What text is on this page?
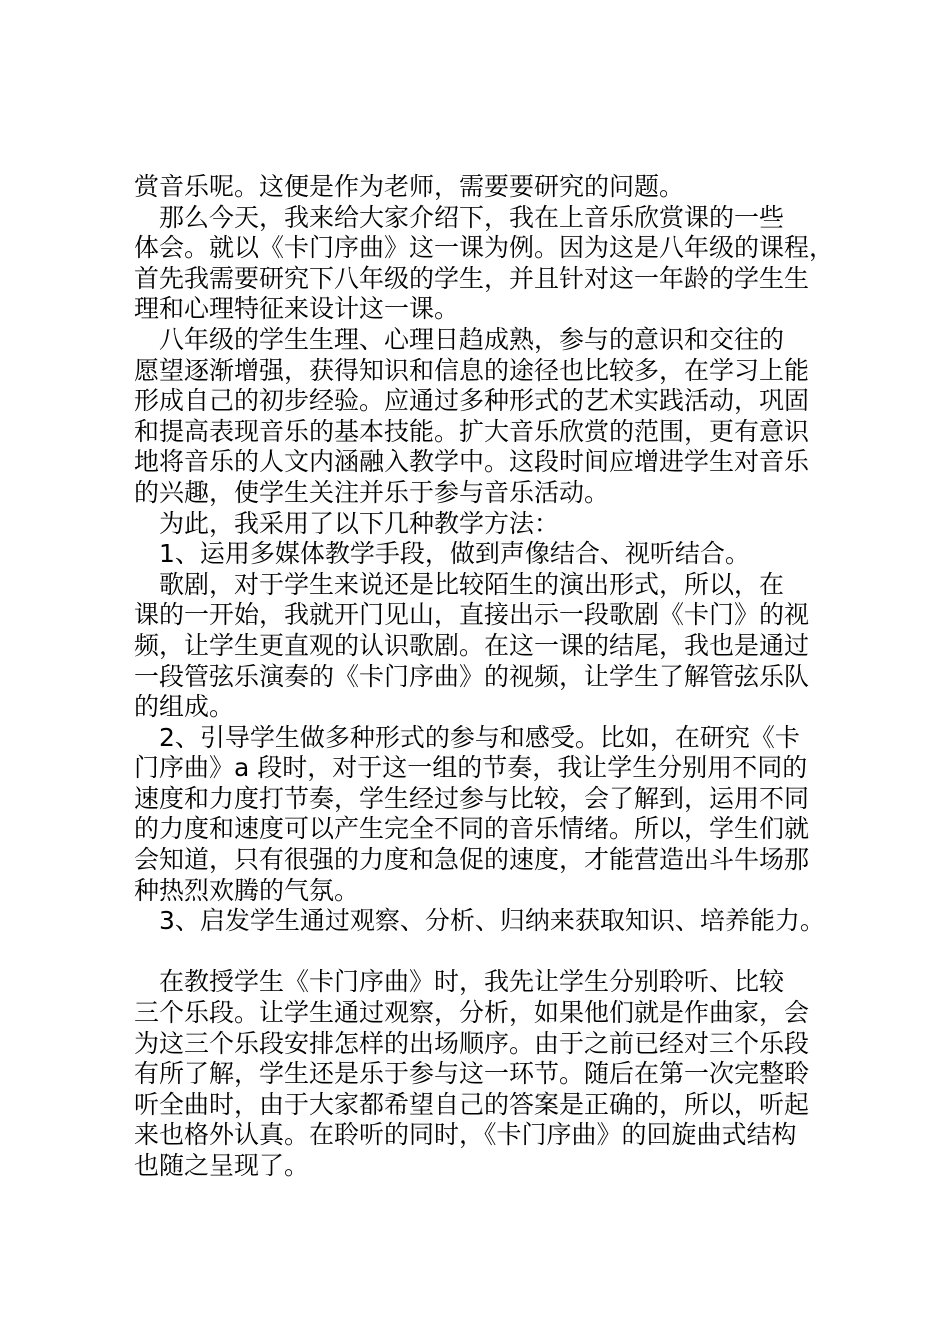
赏音乐呢。这便是作为老师，需要要研究的问题。
　那么今天，我来给大家介绍下，我在上音乐欣赏课的一些
体会。就以《卡门序曲》这一课为例。因为这是八年级的课程，
首先我需要研究下八年级的学生，并且针对这一年龄的学生生
理和心理特征来设计这一课。
　八年级的学生生理、心理日趋成熟，参与的意识和交往的
愿望逐渐增强，获得知识和信息的途径也比较多，在学习上能
形成自己的初步经验。应通过多种形式的艺术实践活动，巩固
和提高表现音乐的基本技能。扩大音乐欣赏的范围，更有意识
地将音乐的人文内涵融入教学中。这段时间应增进学生对音乐
的兴趣，使学生关注并乐于参与音乐活动。
　为此，我采用了以下几种教学方法：
　1、运用多媒体教学手段，做到声像结合、视听结合。
　歌剧，对于学生来说还是比较陌生的演出形式，所以，在
课的一开始，我就开门见山，直接出示一段歌剧《卡门》的视
频，让学生更直观的认识歌剧。在这一课的结尾，我也是通过
一段管弦乐演奏的《卡门序曲》的视频，让学生了解管弦乐队
的组成。
　2、引导学生做多种形式的参与和感受。比如，在研究《卡
门序曲》a 段时，对于这一组的节奏，我让学生分别用不同的
速度和力度打节奏，学生经过参与比较，会了解到，运用不同
的力度和速度可以产生完全不同的音乐情绪。所以，学生们就
会知道，只有很强的力度和急促的速度，才能营造出斗牛场那
种热烈欢腾的气氛。
　3、启发学生通过观察、分析、归纳来获取知识、培养能力。
　在教授学生《卡门序曲》时，我先让学生分别聆听、比较
三个乐段。让学生通过观察，分析，如果他们就是作曲家，会
为这三个乐段安排怎样的出场顺序。由于之前已经对三个乐段
有所了解，学生还是乐于参与这一环节。随后在第一次完整聆
听全曲时，由于大家都希望自己的答案是正确的，所以，听起
来也格外认真。在聆听的同时，《卡门序曲》的回旋曲式结构
也随之呈现了。
